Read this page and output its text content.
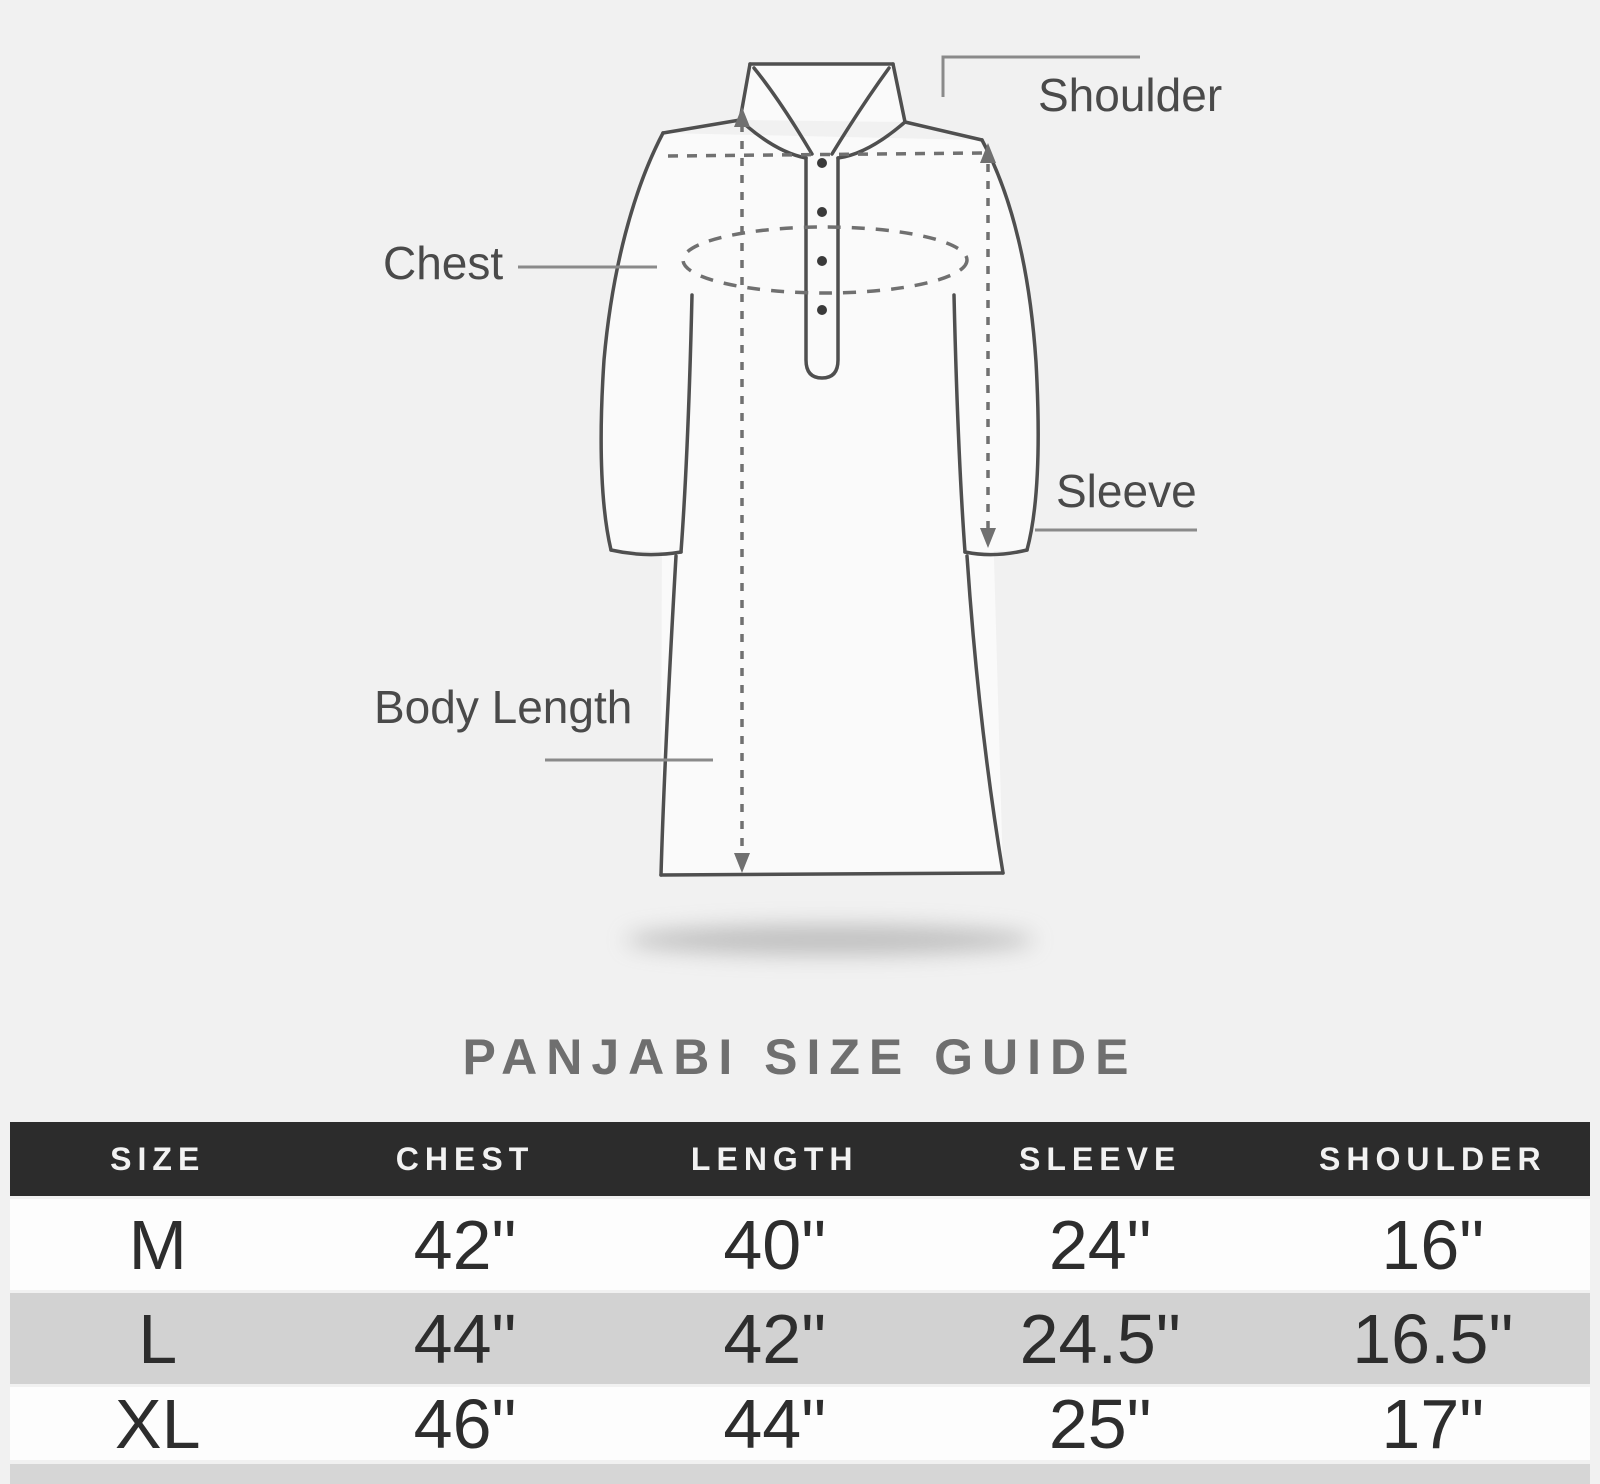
Shoulder
Chest
Sleeve
Body Length
PANJABI SIZE GUIDE
SIZE	CHEST	LENGTH	SLEEVE	SHOULDER
M	42"	40"	24"	16"
L	44"	42"	24.5"	16.5"
XL	46"	44"	25"	17"
